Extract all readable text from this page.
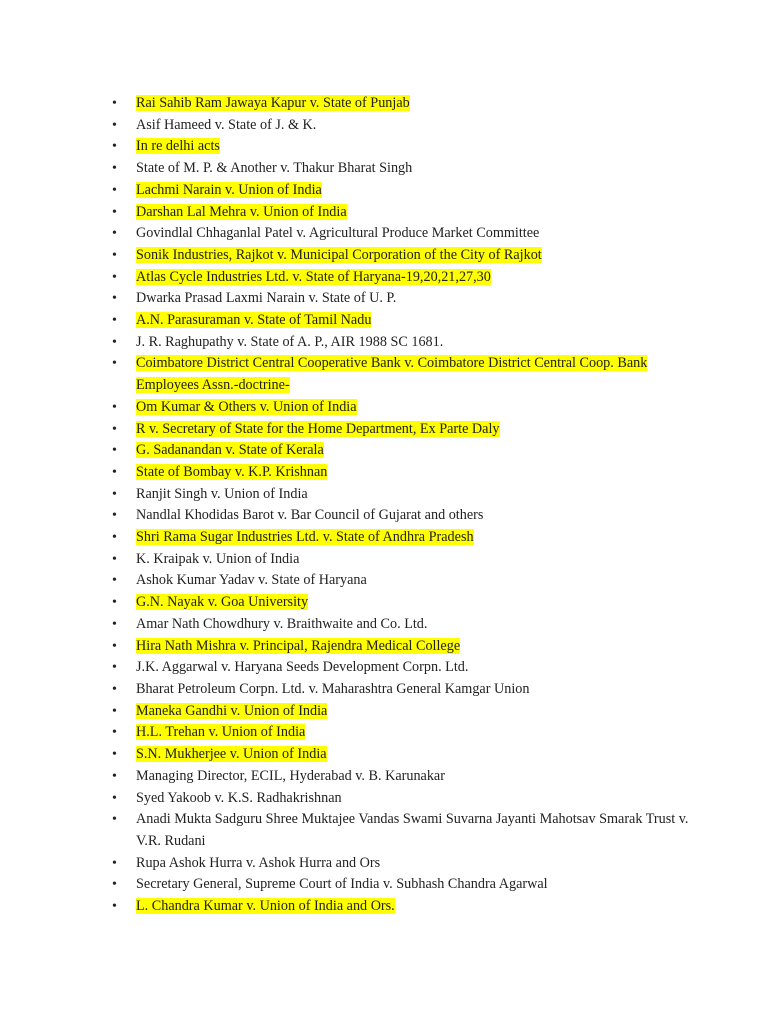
• Rai Sahib Ram Jawaya Kapur v. State of Punjab
• Asif Hameed v. State of J. & K.
• In re delhi acts
• State of M. P. & Another v. Thakur Bharat Singh
• Lachmi Narain v. Union of India
• Darshan Lal Mehra v. Union of India
• Govindlal Chhaganlal Patel v. Agricultural Produce Market Committee
• Sonik Industries, Rajkot v. Municipal Corporation of the City of Rajkot
• Atlas Cycle Industries Ltd. v. State of Haryana-19,20,21,27,30
• Dwarka Prasad Laxmi Narain v. State of U. P.
• A.N. Parasuraman v. State of Tamil Nadu
• J. R. Raghupathy v. State of A. P., AIR 1988 SC 1681.
• Coimbatore District Central Cooperative Bank v. Coimbatore District Central Coop. Bank Employees Assn.-doctrine-
• Om Kumar & Others v. Union of India
• R v. Secretary of State for the Home Department, Ex Parte Daly
• G. Sadanandan v. State of Kerala
• State of Bombay v. K.P. Krishnan
• Ranjit Singh v. Union of India
• Nandlal Khodidas Barot v. Bar Council of Gujarat and others
• Shri Rama Sugar Industries Ltd. v. State of Andhra Pradesh
• K. Kraipak v. Union of India
• Ashok Kumar Yadav v. State of Haryana
• G.N. Nayak v. Goa University
• Amar Nath Chowdhury v. Braithwaite and Co. Ltd.
• Hira Nath Mishra v. Principal, Rajendra Medical College
• J.K. Aggarwal v. Haryana Seeds Development Corpn. Ltd.
• Bharat Petroleum Corpn. Ltd. v. Maharashtra General Kamgar Union
• Maneka Gandhi v. Union of India
• H.L. Trehan v. Union of India
• S.N. Mukherjee v. Union of India
• Managing Director, ECIL, Hyderabad v. B. Karunakar
• Syed Yakoob v. K.S. Radhakrishnan
• Anadi Mukta Sadguru Shree Muktajee Vandas Swami Suvarna Jayanti Mahotsav Smarak Trust v. V.R. Rudani
• Rupa Ashok Hurra v. Ashok Hurra and Ors
• Secretary General, Supreme Court of India v. Subhash Chandra Agarwal
• L. Chandra Kumar v. Union of India and Ors.
